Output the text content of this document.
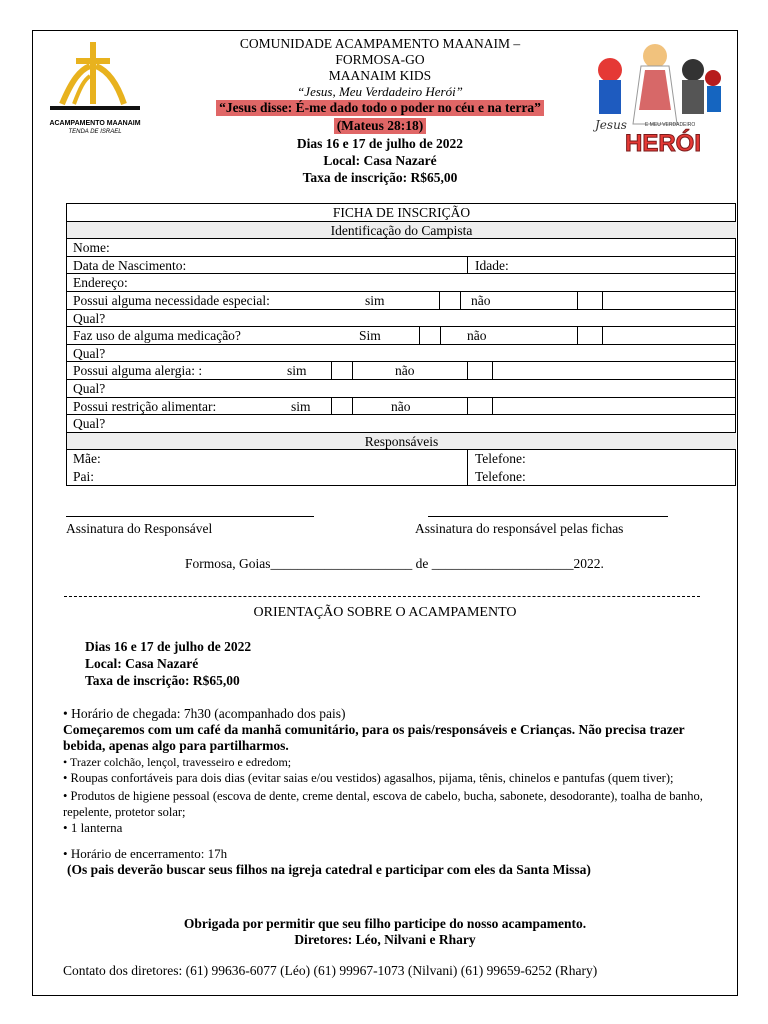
ACAMPAMENTO MAANAIM
TENDA DE ISRAEL	Jesus	E MEU VERDADEIRO
HERÓI
COMUNIDADE ACAMPAMENTO MAANAIM –
FORMOSA-GO
MAANAIM KIDS
“Jesus, Meu Verdadeiro Herói”
“Jesus disse: É-me dado todo o poder no céu e na terra”
(Mateus 28:18)
Dias 16 e 17 de julho de 2022
Local: Casa Nazaré
Taxa de inscrição: R$65,00
FICHA DE INSCRIÇÃO
Identificação do Campista
Nome:
Data de Nascimento:	Idade:
Endereço:
Possui alguma necessidade especial:	sim	não
Qual?
Faz uso de alguma medicação?	Sim	não
Qual?
Possui alguma alergia: :	sim	não
Qual?
Possui restrição alimentar:	sim	não
Qual?
Responsáveis
Mãe:	Telefone:
Pai:	Telefone:
Assinatura do Responsável	Assinatura do responsável pelas fichas
Formosa, Goias_____________________ de _____________________2022.
ORIENTAÇÃO SOBRE O ACAMPAMENTO
Dias 16 e 17 de julho de 2022
Local: Casa Nazaré
Taxa de inscrição: R$65,00

• Horário de chegada: 7h30 (acompanhado dos pais)

Começaremos com um café da manhã comunitário, para os pais/responsáveis e Crianças. Não precisa trazer bebida, apenas algo para partilharmos.

• Trazer colchão, lençol, travesseiro e edredom;

• Roupas confortáveis para dois dias (evitar saias e/ou vestidos) agasalhos, pijama, tênis, chinelos e pantufas (quem tiver);

• Produtos de higiene pessoal (escova de dente, creme dental, escova de cabelo, bucha, sabonete, desodorante), toalha de banho, repelente, protetor solar;

• 1 lanterna

• Horário de encerramento: 17h

(Os pais deverão buscar seus filhos na igreja catedral e participar com eles da Santa Missa)

Obrigada por permitir que seu filho participe do nosso acampamento.
Diretores: Léo, Nilvani e Rhary
Contato dos diretores: (61) 99636-6077 (Léo) (61) 99967-1073 (Nilvani) (61) 99659-6252 (Rhary)
